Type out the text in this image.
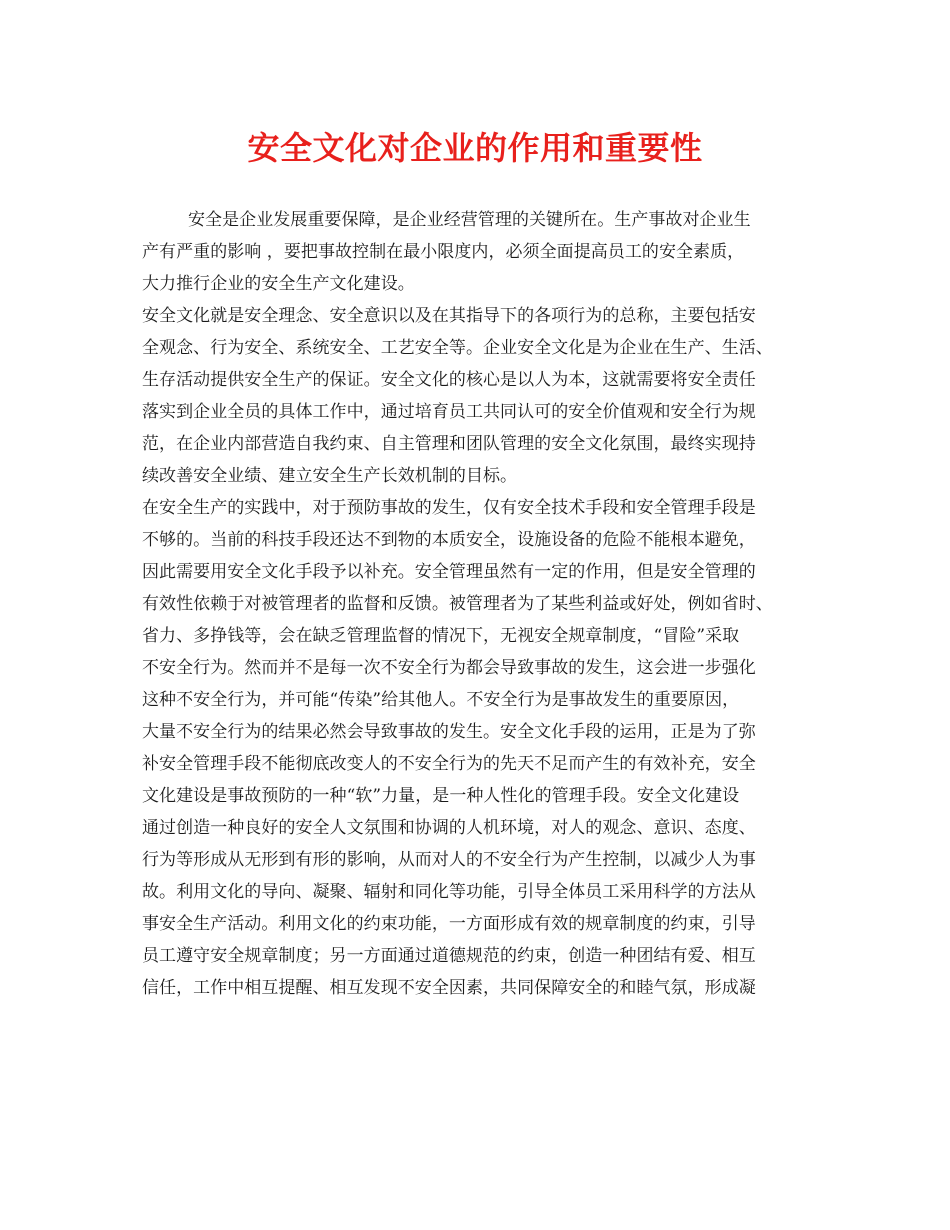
安全文化对企业的作用和重要性
安全是企业发展重要保障，是企业经营管理的关键所在。生产事故对企业生
产有严重的影响 ，要把事故控制在最小限度内，必须全面提高员工的安全素质，
大力推行企业的安全生产文化建设。
安全文化就是安全理念、安全意识以及在其指导下的各项行为的总称，主要包括安
全观念、行为安全、系统安全、工艺安全等。企业安全文化是为企业在生产、生活、
生存活动提供安全生产的保证。安全文化的核心是以人为本，这就需要将安全责任
落实到企业全员的具体工作中，通过培育员工共同认可的安全价值观和安全行为规
范，在企业内部营造自我约束、自主管理和团队管理的安全文化氛围，最终实现持
续改善安全业绩、建立安全生产长效机制的目标。
在安全生产的实践中，对于预防事故的发生，仅有安全技术手段和安全管理手段是
不够的。当前的科技手段还达不到物的本质安全，设施设备的危险不能根本避免，
因此需要用安全文化手段予以补充。安全管理虽然有一定的作用，但是安全管理的
有效性依赖于对被管理者的监督和反馈。被管理者为了某些利益或好处，例如省时、
省力、多挣钱等，会在缺乏管理监督的情况下，无视安全规章制度，“冒险”采取
不安全行为。然而并不是每一次不安全行为都会导致事故的发生，这会进一步强化
这种不安全行为，并可能“传染”给其他人。不安全行为是事故发生的重要原因，
大量不安全行为的结果必然会导致事故的发生。安全文化手段的运用，正是为了弥
补安全管理手段不能彻底改变人的不安全行为的先天不足而产生的有效补充，安全
文化建设是事故预防的一种“软”力量，是一种人性化的管理手段。安全文化建设
通过创造一种良好的安全人文氛围和协调的人机环境，对人的观念、意识、态度、
行为等形成从无形到有形的影响，从而对人的不安全行为产生控制，以减少人为事
故。利用文化的导向、凝聚、辐射和同化等功能，引导全体员工采用科学的方法从
事安全生产活动。利用文化的约束功能，一方面形成有效的规章制度的约束，引导
员工遵守安全规章制度；另一方面通过道德规范的约束，创造一种团结有爱、相互
信任，工作中相互提醒、相互发现不安全因素，共同保障安全的和睦气氛，形成凝
